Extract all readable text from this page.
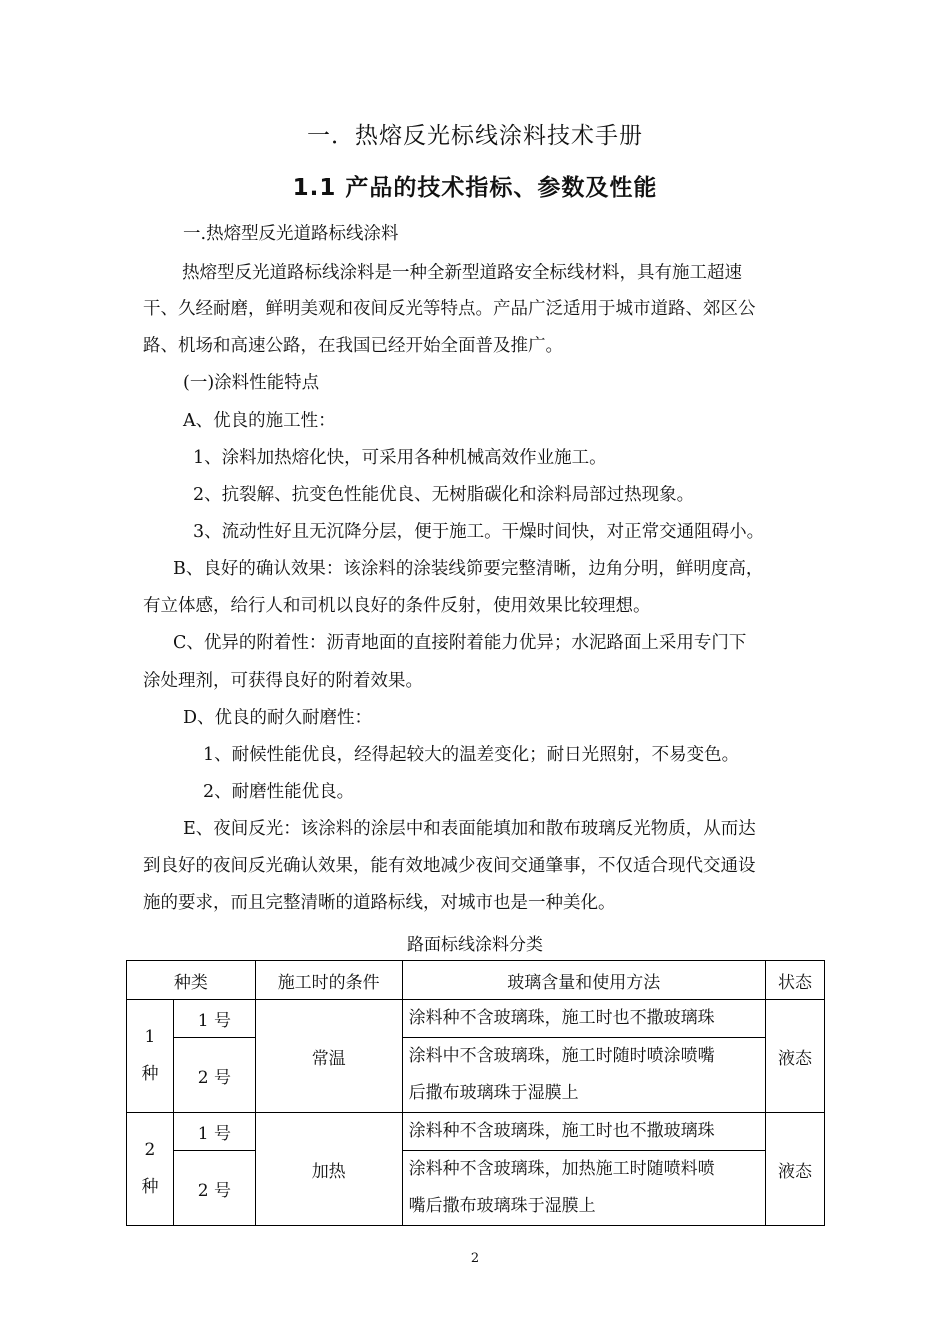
一．热熔反光标线涂料技术手册
1.1 产品的技术指标、参数及性能
一.热熔型反光道路标线涂料
热熔型反光道路标线涂料是一种全新型道路安全标线材料，具有施工超速
干、久经耐磨，鲜明美观和夜间反光等特点。产品广泛适用于城市道路、郊区公
路、机场和高速公路，在我国已经开始全面普及推广。
(一)涂料性能特点
A、优良的施工性：
1、涂料加热熔化快，可采用各种机械高效作业施工。
2、抗裂解、抗变色性能优良、无树脂碳化和涂料局部过热现象。
3、流动性好且无沉降分层，便于施工。干燥时间快，对正常交通阻碍小。
B、良好的确认效果：该涂料的涂装线笷要完整清晰，边角分明，鲜明度高，
有立体感，给行人和司机以良好的条件反射，使用效果比较理想。
C、优异的附着性：沥青地面的直接附着能力优异；水泥路面上采用专门下
涂处理剂，可获得良好的附着效果。
D、优良的耐久耐磨性：
1、耐候性能优良，经得起较大的温差变化；耐日光照射，不易变色。
2、耐磨性能优良。
E、夜间反光：该涂料的涂层中和表面能填加和散布玻璃反光物质，从而达
到良好的夜间反光确认效果，能有效地减少夜间交通肇事，不仅适合现代交通设
施的要求，而且完整清晰的道路标线，对城市也是一种美化。
路面标线涂料分类
种类		施工时的条件	玻璃含量和使用方法	状态

1
种	1 号	常温	涂料种不含玻璃珠，施工时也不撒玻璃珠	液态
	2 号		涂料中不含玻璃珠，施工时随时喷涂喷嘴
后撒布玻璃珠于湿膜上	

2
种	1 号	加热	涂料种不含玻璃珠，施工时也不撒玻璃珠	液态
	2 号		涂料种不含玻璃珠，加热施工时随喷料喷
嘴后撒布玻璃珠于湿膜上	
2
